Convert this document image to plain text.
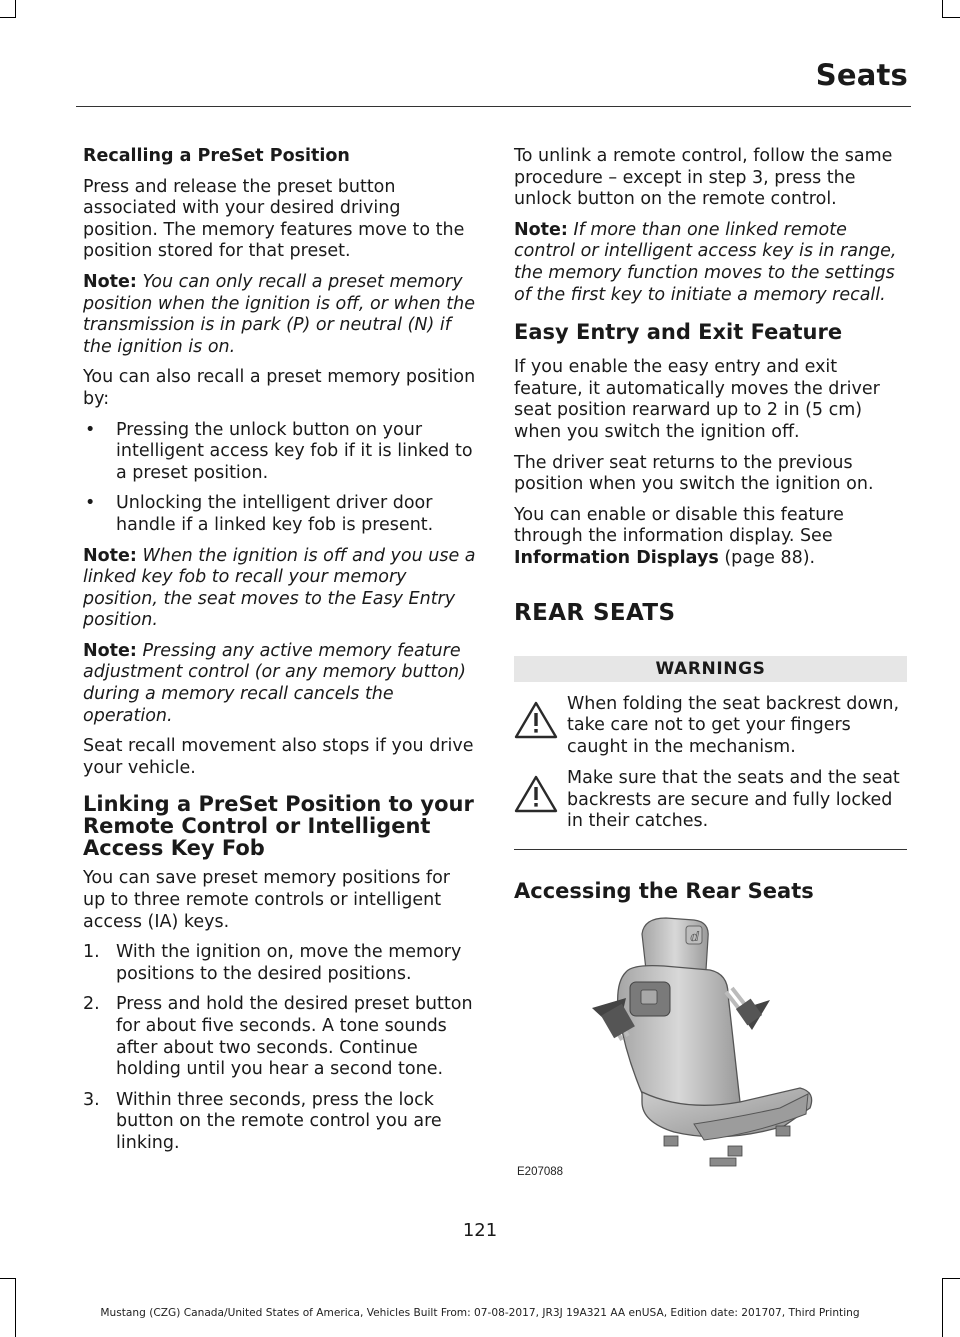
Seats
Recalling a PreSet Position

Press and release the preset button associated with your desired driving position. The memory features move to the position stored for that preset.

Note: You can only recall a preset memory position when the ignition is off, or when the transmission is in park (P) or neutral (N) if the ignition is on.

You can also recall a preset memory position by:

• Pressing the unlock button on your intelligent access key fob if it is linked to a preset position.
• Unlocking the intelligent driver door handle if a linked key fob is present.

Note: When the ignition is off and you use a linked key fob to recall your memory position, the seat moves to the Easy Entry position.

Note: Pressing any active memory feature adjustment control (or any memory button) during a memory recall cancels the operation.

Seat recall movement also stops if you drive your vehicle.

Linking a PreSet Position to your Remote Control or Intelligent Access Key Fob

You can save preset memory positions for up to three remote controls or intelligent access (IA) keys.

1. With the ignition on, move the memory positions to the desired positions.
2. Press and hold the desired preset button for about five seconds. A tone sounds after about two seconds. Continue holding until you hear a second tone.
3. Within three seconds, press the lock button on the remote control you are linking.

To unlink a remote control, follow the same procedure – except in step 3, press the unlock button on the remote control.

Note: If more than one linked remote control or intelligent access key is in range, the memory function moves to the settings of the first key to initiate a memory recall.

Easy Entry and Exit Feature

If you enable the easy entry and exit feature, it automatically moves the driver seat position rearward up to 2 in (5 cm) when you switch the ignition off.

The driver seat returns to the previous position when you switch the ignition on.

You can enable or disable this feature through the information display. See Information Displays (page 88).

REAR SEATS
WARNINGS
When folding the seat backrest down, take care not to get your fingers caught in the mechanism.
Make sure that the seats and the seat backrests are secure and fully locked in their catches.
Accessing the Rear Seats
ⅆ
E207088
121
Mustang (CZG) Canada/United States of America, Vehicles Built From: 07-08-2017, JR3J 19A321 AA enUSA, Edition date: 201707, Third Printing
